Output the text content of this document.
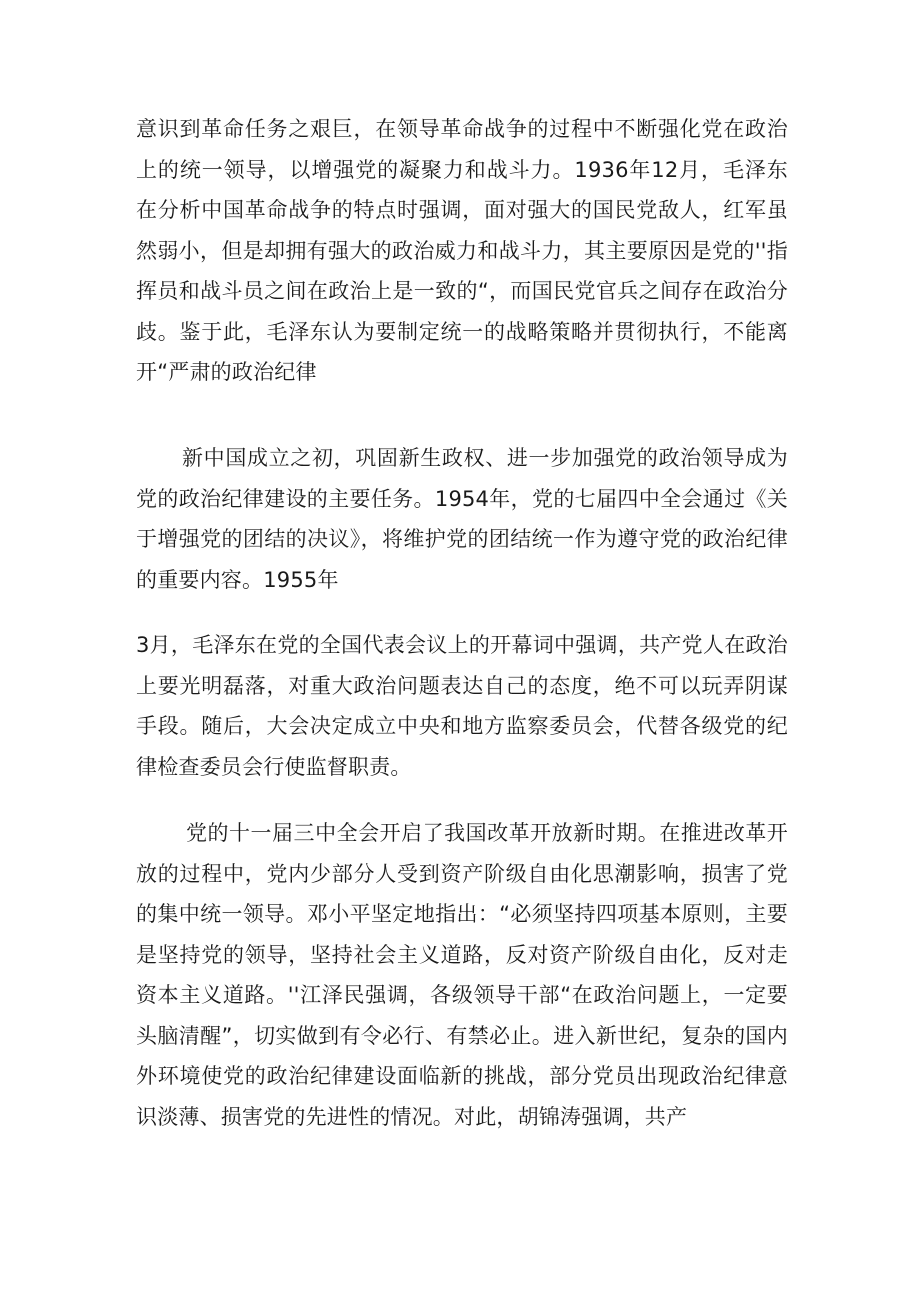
意识到革命任务之艰巨，在领导革命战争的过程中不断强化党在政治上的统一领导，以增强党的凝聚力和战斗力。1936年12月，毛泽东在分析中国革命战争的特点时强调，面对强大的国民党敌人，红军虽然弱小，但是却拥有强大的政治威力和战斗力，其主要原因是党的''指挥员和战斗员之间在政治上是一致的“，而国民党官兵之间存在政治分歧。鉴于此，毛泽东认为要制定统一的战略策略并贯彻执行，不能离开“严肃的政治纪律

新中国成立之初，巩固新生政权、进一步加强党的政治领导成为党的政治纪律建设的主要任务。1954年，党的七届四中全会通过《关于增强党的团结的决议》，将维护党的团结统一作为遵守党的政治纪律的重要内容。1955年

3月，毛泽东在党的全国代表会议上的开幕词中强调，共产党人在政治上要光明磊落，对重大政治问题表达自己的态度，绝不可以玩弄阴谋手段。随后，大会决定成立中央和地方监察委员会，代替各级党的纪律检查委员会行使监督职责。

党的十一届三中全会开启了我国改革开放新时期。在推进改革开放的过程中，党内少部分人受到资产阶级自由化思潮影响，损害了党的集中统一领导。邓小平坚定地指出：“必须坚持四项基本原则，主要是坚持党的领导，坚持社会主义道路，反对资产阶级自由化，反对走资本主义道路。''江泽民强调，各级领导干部“在政治问题上，一定要头脑清醒”，切实做到有令必行、有禁必止。进入新世纪，复杂的国内外环境使党的政治纪律建设面临新的挑战，部分党员出现政治纪律意识淡薄、损害党的先进性的情况。对此，胡锦涛强调，共产
